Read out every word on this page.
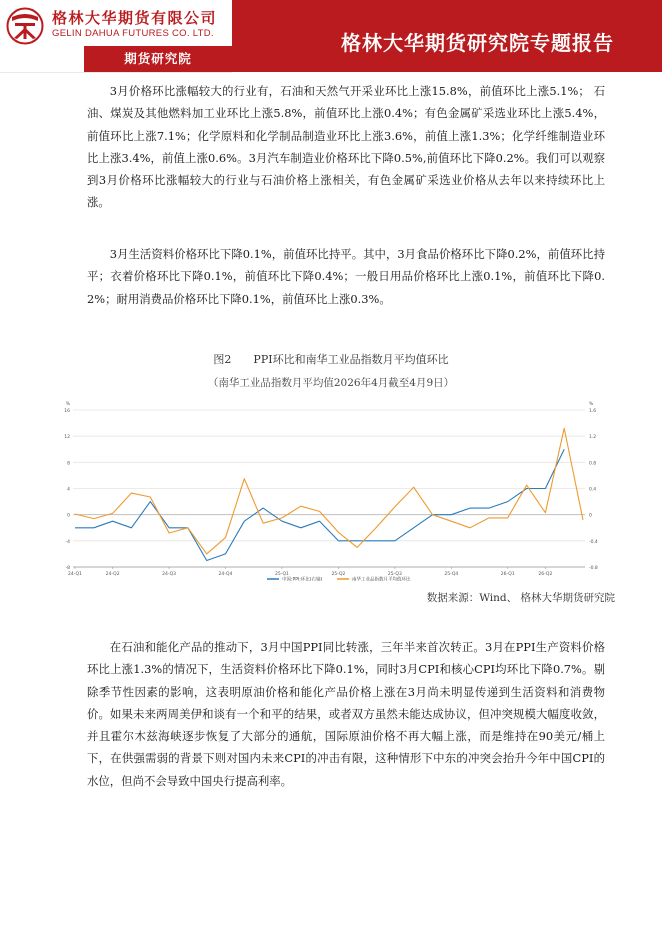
格林大华期货有限公司
GELIN DAHUA FUTURES CO. LTD.
期货研究院
格林大华期货研究院专题报告

3月价格环比涨幅较大的行业有，石油和天然气开采业环比上涨15.8%，前值环比上涨5.1%； 石油、煤炭及其他燃料加工业环比上涨5.8%，前值环比上涨0.4%；有色金属矿采选业环比上涨5.4%，前值环比上涨7.1%；化学原料和化学制品制造业环比上涨3.6%，前值上涨1.3%；化学纤维制造业环比上涨3.4%，前值上涨0.6%。3月汽车制造业价格环比下降0.5%,前值环比下降0.2%。我们可以观察到3月价格环比涨幅较大的行业与石油价格上涨相关，有色金属矿采选业价格从去年以来持续环比上涨。

3月生活资料价格环比下降0.1%，前值环比持平。其中，3月食品价格环比下降0.2%，前值环比持平；衣着价格环比下降0.1%，前值环比下降0.4%；一般日用品价格环比上涨0.1%，前值环比下降0.2%；耐用消费品价格环比下降0.1%，前值环比上涨0.3%。

图2　　PPI环比和南华工业品指数月平均值环比
（南华工业品指数月平均值2026年4月截至4月9日）
-8	-0.8
-4	-0.4
0	0
4	0.4
8	0.8
12	1.2
16	1.6
%	%
24-Q1	24-Q2	24-Q3	24-Q4	25-Q1	25-Q2	25-Q3	25-Q4	26-Q1	26-Q2
中国:PPI:环比(右轴)	南华工业品指数月平均值环比
数据来源：Wind、 格林大华期货研究院

在石油和能化产品的推动下，3月中国PPI同比转涨，三年半来首次转正。3月在PPI生产资料价格环比上涨1.3%的情况下，生活资料价格环比下降0.1%，同时3月CPI和核心CPI均环比下降0.7%。剔除季节性因素的影响，这表明原油价格和能化产品价格上涨在3月尚未明显传递到生活资料和消费物价。如果未来两周美伊和谈有一个和平的结果，或者双方虽然未能达成协议，但冲突规模大幅度收敛，并且霍尔木兹海峡逐步恢复了大部分的通航，国际原油价格不再大幅上涨，而是维持在90美元/桶上下，在供强需弱的背景下则对国内未来CPI的冲击有限，这种情形下中东的冲突会抬升今年中国CPI的水位，但尚不会导致中国央行提高利率。
